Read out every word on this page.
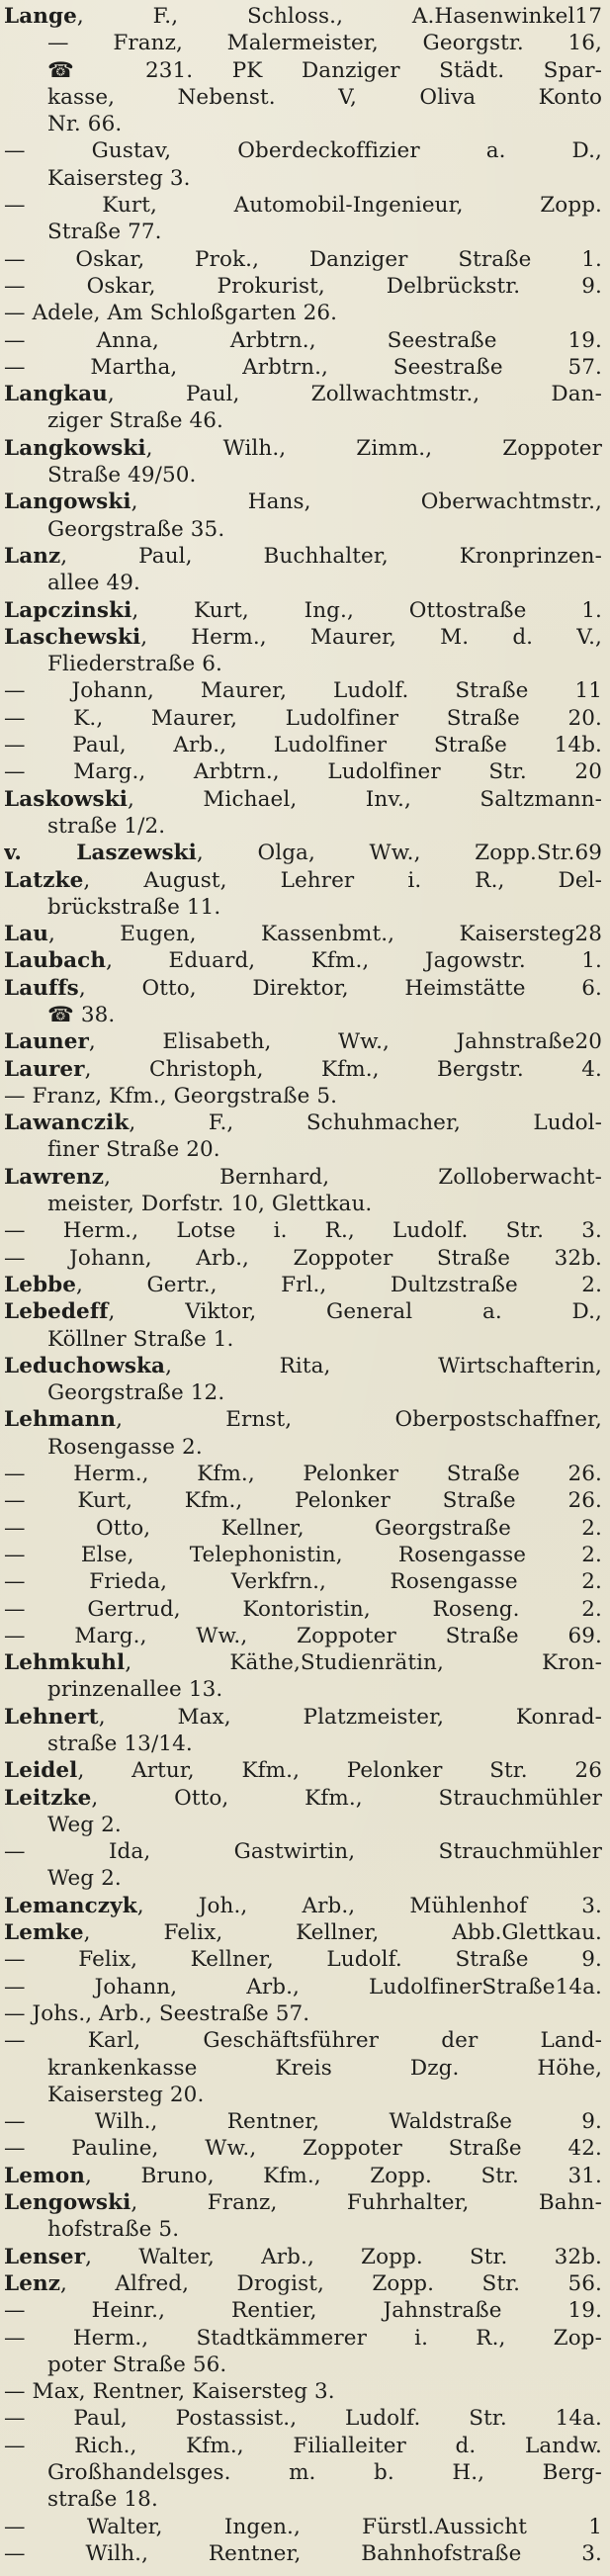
Lange, F., Schloss., A.Hasenwinkel17
— Franz, Malermeister, Georgstr. 16,
☎ 231. PK Danziger Städt. Spar-
kasse, Nebenst. V, Oliva Konto
Nr. 66.
— Gustav, Oberdeckoffizier a. D.,
Kaisersteg 3.
— Kurt, Automobil-Ingenieur, Zopp.
Straße 77.
— Oskar, Prok., Danziger Straße 1.
— Oskar, Prokurist, Delbrückstr. 9.
— Adele, Am Schloßgarten 26.
— Anna, Arbtrn., Seestraße 19.
— Martha, Arbtrn., Seestraße 57.
Langkau, Paul, Zollwachtmstr., Dan-
ziger Straße 46.
Langkowski, Wilh., Zimm., Zoppoter
Straße 49/50.
Langowski, Hans, Oberwachtmstr.,
Georgstraße 35.
Lanz, Paul, Buchhalter, Kronprinzen-
allee 49.
Lapczinski, Kurt, Ing., Ottostraße 1.
Laschewski, Herm., Maurer, M. d. V.,
Fliederstraße 6.
— Johann, Maurer, Ludolf. Straße 11
— K., Maurer, Ludolfiner Straße 20.
— Paul, Arb., Ludolfiner Straße 14b.
— Marg., Arbtrn., Ludolfiner Str. 20
Laskowski, Michael, Inv., Saltzmann-
straße 1/2.
v. Laszewski, Olga, Ww., Zopp.Str.69
Latzke, August, Lehrer i. R., Del-
brückstraße 11.
Lau, Eugen, Kassenbmt., Kaisersteg28
Laubach, Eduard, Kfm., Jagowstr. 1.
Lauffs, Otto, Direktor, Heimstätte 6.
☎ 38.
Launer, Elisabeth, Ww., Jahnstraße20
Laurer, Christoph, Kfm., Bergstr. 4.
— Franz, Kfm., Georgstraße 5.
Lawanczik, F., Schuhmacher, Ludol-
finer Straße 20.
Lawrenz, Bernhard, Zolloberwacht-
meister, Dorfstr. 10, Glettkau.
— Herm., Lotse i. R., Ludolf. Str. 3.
— Johann, Arb., Zoppoter Straße 32b.
Lebbe, Gertr., Frl., Dultzstraße 2.
Lebedeff, Viktor, General a. D.,
Köllner Straße 1.
Leduchowska, Rita, Wirtschafterin,
Georgstraße 12.
Lehmann, Ernst, Oberpostschaffner,
Rosengasse 2.
— Herm., Kfm., Pelonker Straße 26.
— Kurt, Kfm., Pelonker Straße 26.
— Otto, Kellner, Georgstraße 2.
— Else, Telephonistin, Rosengasse 2.
— Frieda, Verkfrn., Rosengasse 2.
— Gertrud, Kontoristin, Roseng. 2.
— Marg., Ww., Zoppoter Straße 69.
Lehmkuhl, Käthe,Studienrätin, Kron-
prinzenallee 13.
Lehnert, Max, Platzmeister, Konrad-
straße 13/14.
Leidel, Artur, Kfm., Pelonker Str. 26
Leitzke, Otto, Kfm., Strauchmühler
Weg 2.
— Ida, Gastwirtin, Strauchmühler
Weg 2.
Lemanczyk, Joh., Arb., Mühlenhof 3.
Lemke, Felix, Kellner, Abb.Glettkau.
— Felix, Kellner, Ludolf. Straße 9.
— Johann, Arb., LudolfinerStraße14a.
— Johs., Arb., Seestraße 57.
— Karl, Geschäftsführer der Land-
krankenkasse Kreis Dzg. Höhe,
Kaisersteg 20.
— Wilh., Rentner, Waldstraße 9.
— Pauline, Ww., Zoppoter Straße 42.
Lemon, Bruno, Kfm., Zopp. Str. 31.
Lengowski, Franz, Fuhrhalter, Bahn-
hofstraße 5.
Lenser, Walter, Arb., Zopp. Str. 32b.
Lenz, Alfred, Drogist, Zopp. Str. 56.
— Heinr., Rentier, Jahnstraße 19.
— Herm., Stadtkämmerer i. R., Zop-
poter Straße 56.
— Max, Rentner, Kaisersteg 3.
— Paul, Postassist., Ludolf. Str. 14a.
— Rich., Kfm., Filialleiter d. Landw.
Großhandelsges. m. b. H., Berg-
straße 18.
— Walter, Ingen., Fürstl.Aussicht 1
— Wilh., Rentner, Bahnhofstraße 3.
